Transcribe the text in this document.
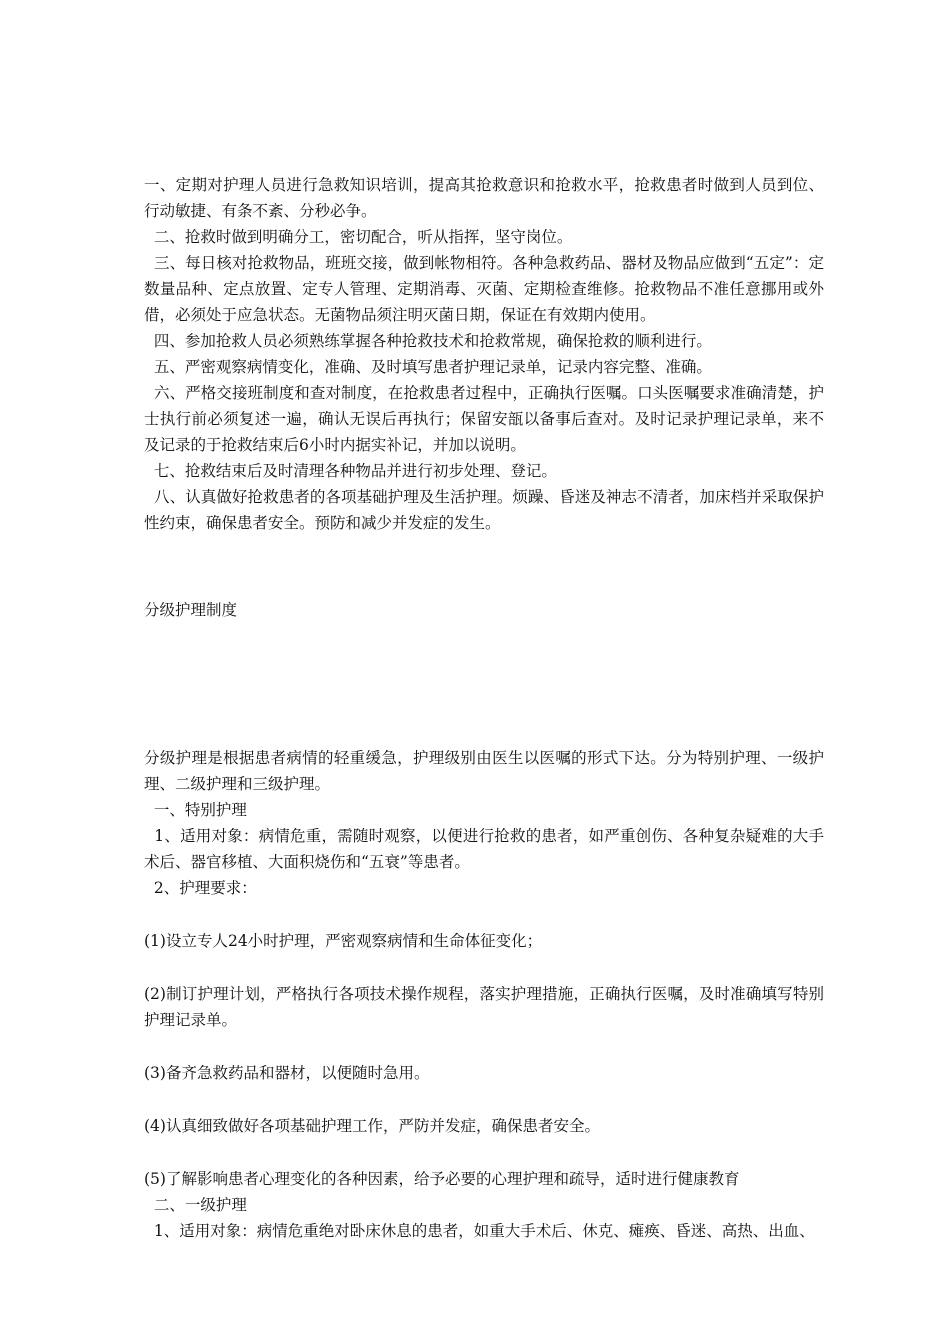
一、定期对护理人员进行急救知识培训，提高其抢救意识和抢救水平，抢救患者时做到人员到位、行动敏捷、有条不紊、分秒必争。

二、抢救时做到明确分工，密切配合，听从指挥，坚守岗位。

三、每日核对抢救物品，班班交接，做到帐物相符。各种急救药品、器材及物品应做到“五定”：定数量品种、定点放置、定专人管理、定期消毒、灭菌、定期检查维修。抢救物品不准任意挪用或外借，必须处于应急状态。无菌物品须注明灭菌日期，保证在有效期内使用。

四、参加抢救人员必须熟练掌握各种抢救技术和抢救常规，确保抢救的顺利进行。

五、严密观察病情变化，准确、及时填写患者护理记录单，记录内容完整、准确。

六、严格交接班制度和查对制度，在抢救患者过程中，正确执行医嘱。口头医嘱要求准确清楚，护士执行前必须复述一遍，确认无误后再执行；保留安瓿以备事后查对。及时记录护理记录单，来不及记录的于抢救结束后6小时内据实补记，并加以说明。

七、抢救结束后及时清理各种物品并进行初步处理、登记。

八、认真做好抢救患者的各项基础护理及生活护理。烦躁、昏迷及神志不清者，加床档并采取保护性约束，确保患者安全。预防和减少并发症的发生。

分级护理制度

分级护理是根据患者病情的轻重缓急，护理级别由医生以医嘱的形式下达。分为特别护理、一级护理、二级护理和三级护理。

一、特别护理

1、适用对象：病情危重，需随时观察，以便进行抢救的患者，如严重创伤、各种复杂疑难的大手术后、器官移植、大面积烧伤和“五衰”等患者。

2、护理要求：

(1)设立专人24小时护理，严密观察病情和生命体征变化；

(2)制订护理计划，严格执行各项技术操作规程，落实护理措施，正确执行医嘱，及时准确填写特别护理记录单。

(3)备齐急救药品和器材，以便随时急用。

(4)认真细致做好各项基础护理工作，严防并发症，确保患者安全。

(5)了解影响患者心理变化的各种因素，给予必要的心理护理和疏导，适时进行健康教育

二、一级护理

1、适用对象：病情危重绝对卧床休息的患者，如重大手术后、休克、瘫痪、昏迷、高热、出血、
